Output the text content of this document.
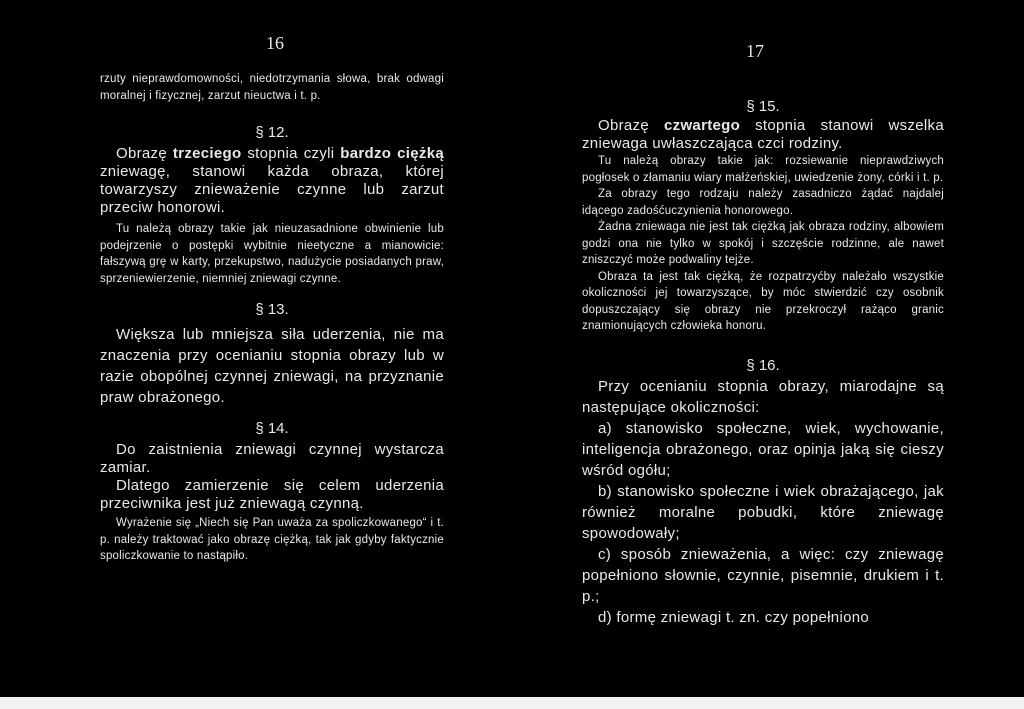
16

rzuty nieprawdomowności, niedotrzymania słowa, brak odwagi moralnej i fizycznej, zarzut nieuctwa i t. p.

§ 12.

Obrazę trzeciego stopnia czyli bardzo ciężką zniewagę, stanowi każda obraza, której towarzyszy znieważenie czynne lub zarzut przeciw honorowi.

Tu należą obrazy takie jak nieuzasadnione obwinienie lub podejrzenie o postępki wybitnie nieetyczne a mianowicie: fałszywą grę w karty, przekupstwo, nadużycie posiadanych praw, sprzeniewierzenie, niemniej zniewagi czynne.

§ 13.

Większa lub mniejsza siła uderzenia, nie ma znaczenia przy ocenianiu stopnia obrazy lub w razie obopólnej czynnej zniewagi, na przyznanie praw obrażonego.

§ 14.

Do zaistnienia zniewagi czynnej wystarcza zamiar.

Dlatego zamierzenie się celem uderzenia przeciwnika jest już zniewagą czynną.

Wyrażenie się „Niech się Pan uważa za spoliczkowanego“ i t. p. należy traktować jako obrazę ciężką, tak jak gdyby faktycznie spoliczkowanie to nastąpiło.

17

§ 15.

Obrazę czwartego stopnia stanowi wszelka zniewaga uwłaszczająca czci rodziny.

Tu należą obrazy takie jak: rozsiewanie nieprawdziwych pogłosek o złamaniu wiary małżeńskiej, uwiedzenie żony, córki i t. p.

Za obrazy tego rodzaju należy zasadniczo żądać najdalej idącego zadośćuczynienia honorowego.

Żadna zniewaga nie jest tak ciężką jak obraza rodziny, albowiem godzi ona nie tylko w spokój i szczęście rodzinne, ale nawet zniszczyć może podwaliny tejże.

Obraza ta jest tak ciężką, że rozpatrzyćby należało wszystkie okoliczności jej towarzyszące, by móc stwierdzić czy osobnik dopuszczający się obrazy nie przekroczył rażąco granic znamionujących człowieka honoru.

§ 16.

Przy ocenianiu stopnia obrazy, miarodajne są następujące okoliczności:

a) stanowisko społeczne, wiek, wychowanie, inteligencja obrażonego, oraz opinja jaką się cieszy wśród ogółu;

b) stanowisko społeczne i wiek obrażającego, jak również moralne pobudki, które zniewagę spowodowały;

c) sposób znieważenia, a więc: czy zniewagę popełniono słownie, czynnie, pisemnie, drukiem i t. p.;

d) formę zniewagi t. zn. czy popełniono
